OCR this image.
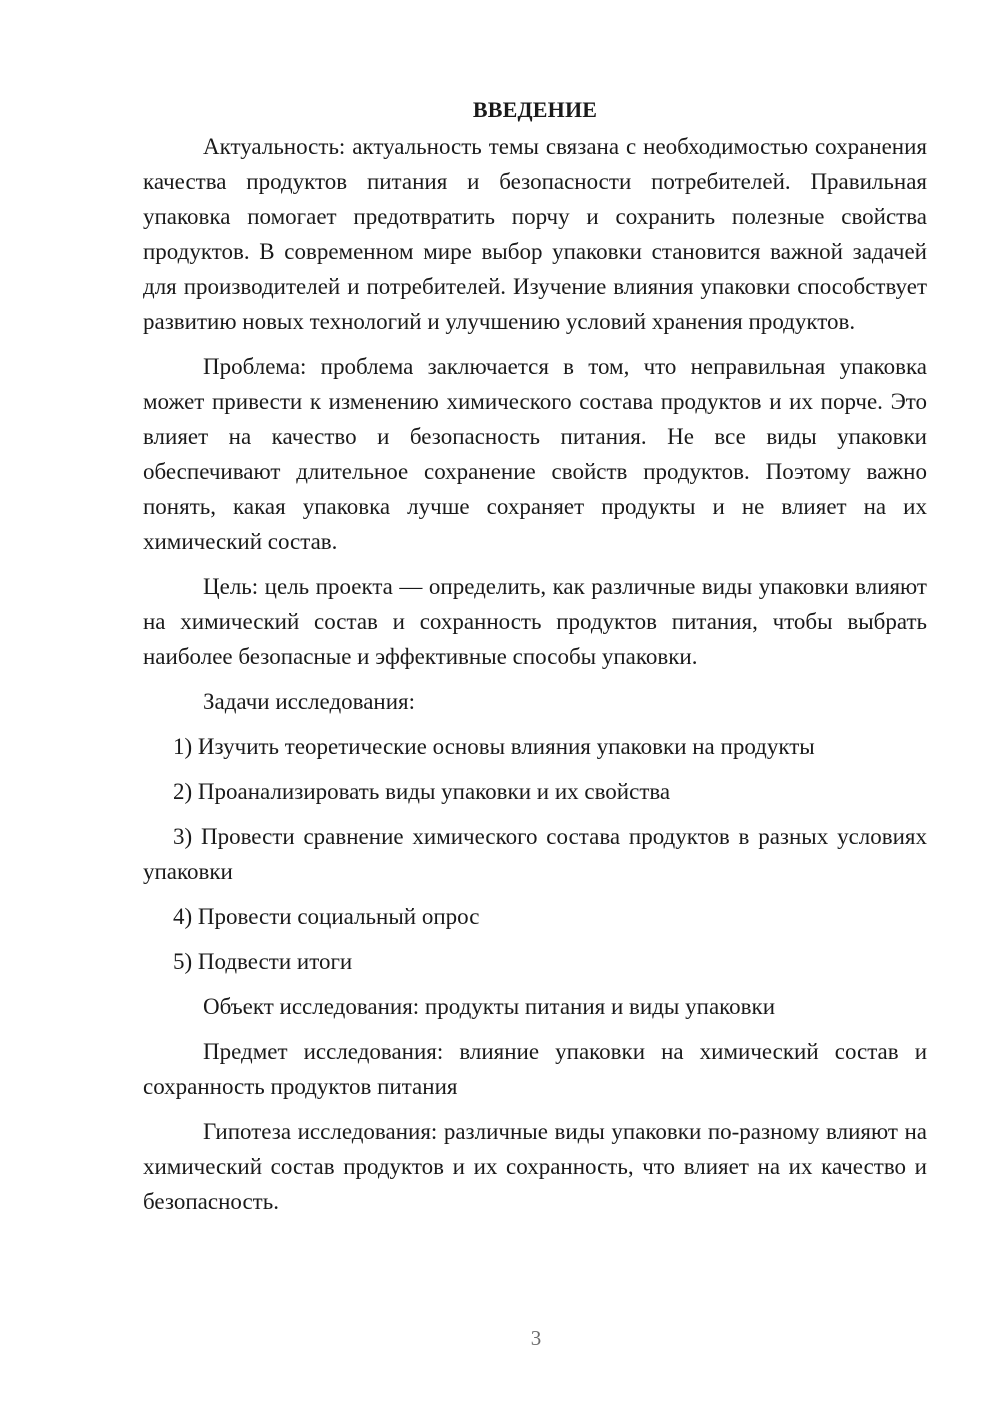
ВВЕДЕНИЕ

Актуальность: актуальность темы связана с необходимостью сохранения качества продуктов питания и безопасности потребителей. Правильная упаковка помогает предотвратить порчу и сохранить полезные свойства продуктов. В современном мире выбор упаковки становится важной задачей для производителей и потребителей. Изучение влияния упаковки способствует развитию новых технологий и улучшению условий хранения продуктов.

Проблема: проблема заключается в том, что неправильная упаковка может привести к изменению химического состава продуктов и их порче. Это влияет на качество и безопасность питания. Не все виды упаковки обеспечивают длительное сохранение свойств продуктов. Поэтому важно понять, какая упаковка лучше сохраняет продукты и не влияет на их химический состав.

Цель: цель проекта — определить, как различные виды упаковки влияют на химический состав и сохранность продуктов питания, чтобы выбрать наиболее безопасные и эффективные способы упаковки.

Задачи исследования:

1) Изучить теоретические основы влияния упаковки на продукты

2) Проанализировать виды упаковки и их свойства

3) Провести сравнение химического состава продуктов в разных условиях упаковки

4) Провести социальный опрос

5) Подвести итоги

Объект исследования: продукты питания и виды упаковки

Предмет исследования: влияние упаковки на химический состав и сохранность продуктов питания

Гипотеза исследования: различные виды упаковки по-разному влияют на химический состав продуктов и их сохранность, что влияет на их качество и безопасность.

3
